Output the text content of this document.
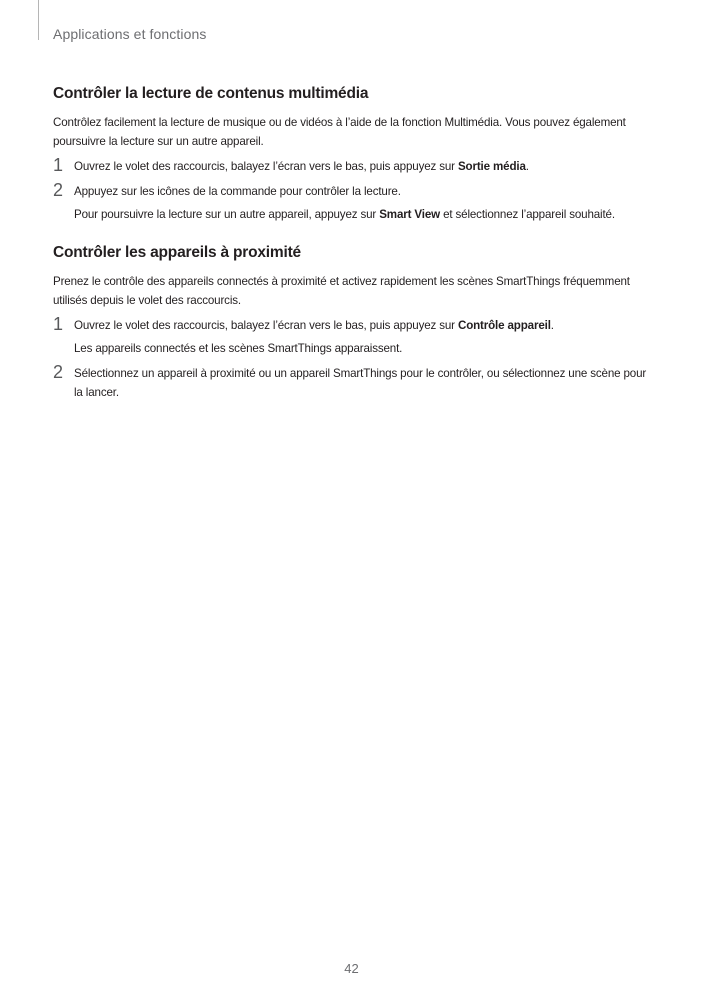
Applications et fonctions
Contrôler la lecture de contenus multimédia

Contrôlez facilement la lecture de musique ou de vidéos à l’aide de la fonction Multimédia. Vous pouvez également poursuivre la lecture sur un autre appareil.

1 Ouvrez le volet des raccourcis, balayez l’écran vers le bas, puis appuyez sur Sortie média.
2 Appuyez sur les icônes de la commande pour contrôler la lecture.
Pour poursuivre la lecture sur un autre appareil, appuyez sur Smart View et sélectionnez l’appareil souhaité.
Contrôler les appareils à proximité

Prenez le contrôle des appareils connectés à proximité et activez rapidement les scènes SmartThings fréquemment utilisés depuis le volet des raccourcis.

1 Ouvrez le volet des raccourcis, balayez l’écran vers le bas, puis appuyez sur Contrôle appareil.
Les appareils connectés et les scènes SmartThings apparaissent.
2 Sélectionnez un appareil à proximité ou un appareil SmartThings pour le contrôler, ou sélectionnez une scène pour la lancer.
42
